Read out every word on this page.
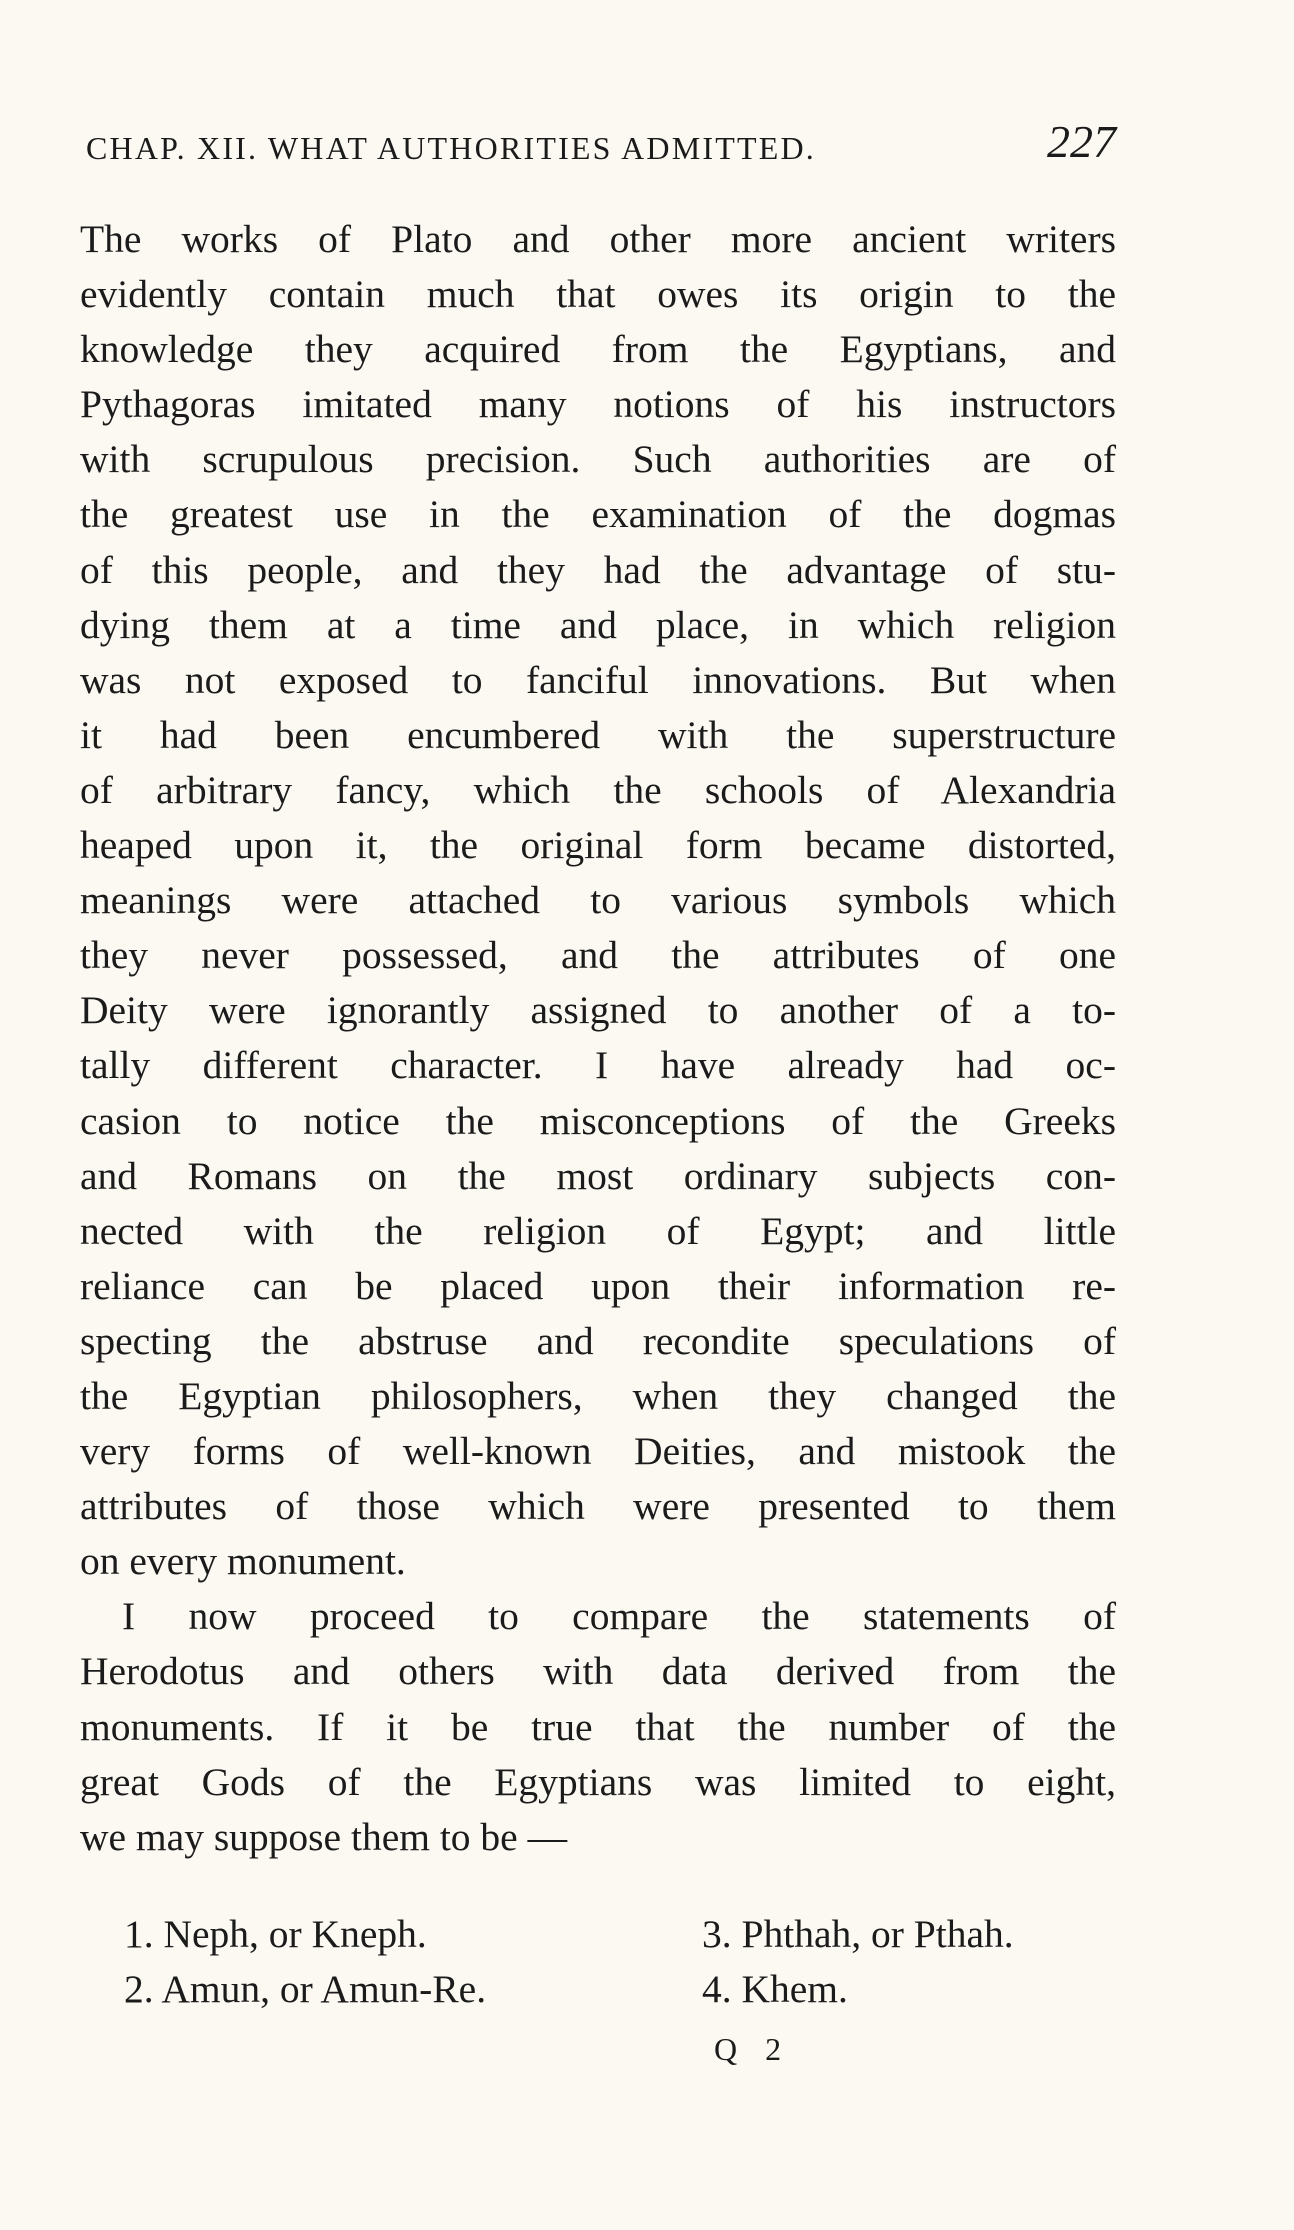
CHAP. XII. WHAT AUTHORITIES ADMITTED.	227
The works of Plato and other more ancient writers
evidently contain much that owes its origin to the
knowledge they acquired from the Egyptians, and
Pythagoras imitated many notions of his instructors
with scrupulous precision. Such authorities are of
the greatest use in the examination of the dogmas
of this people, and they had the advantage of stu-
dying them at a time and place, in which religion
was not exposed to fanciful innovations. But when
it had been encumbered with the superstructure
of arbitrary fancy, which the schools of Alexandria
heaped upon it, the original form became distorted,
meanings were attached to various symbols which
they never possessed, and the attributes of one
Deity were ignorantly assigned to another of a to-
tally different character. I have already had oc-
casion to notice the misconceptions of the Greeks
and Romans on the most ordinary subjects con-
nected with the religion of Egypt; and little
reliance can be placed upon their information re-
specting the abstruse and recondite speculations of
the Egyptian philosophers, when they changed the
very forms of well-known Deities, and mistook the
attributes of those which were presented to them
on every monument.
I now proceed to compare the statements of
Herodotus and others with data derived from the
monuments. If it be true that the number of the
great Gods of the Egyptians was limited to eight,
we may suppose them to be —
1. Neph, or Kneph.	3. Phthah, or Pthah.
2. Amun, or Amun-Re.	4. Khem.
Q 2
